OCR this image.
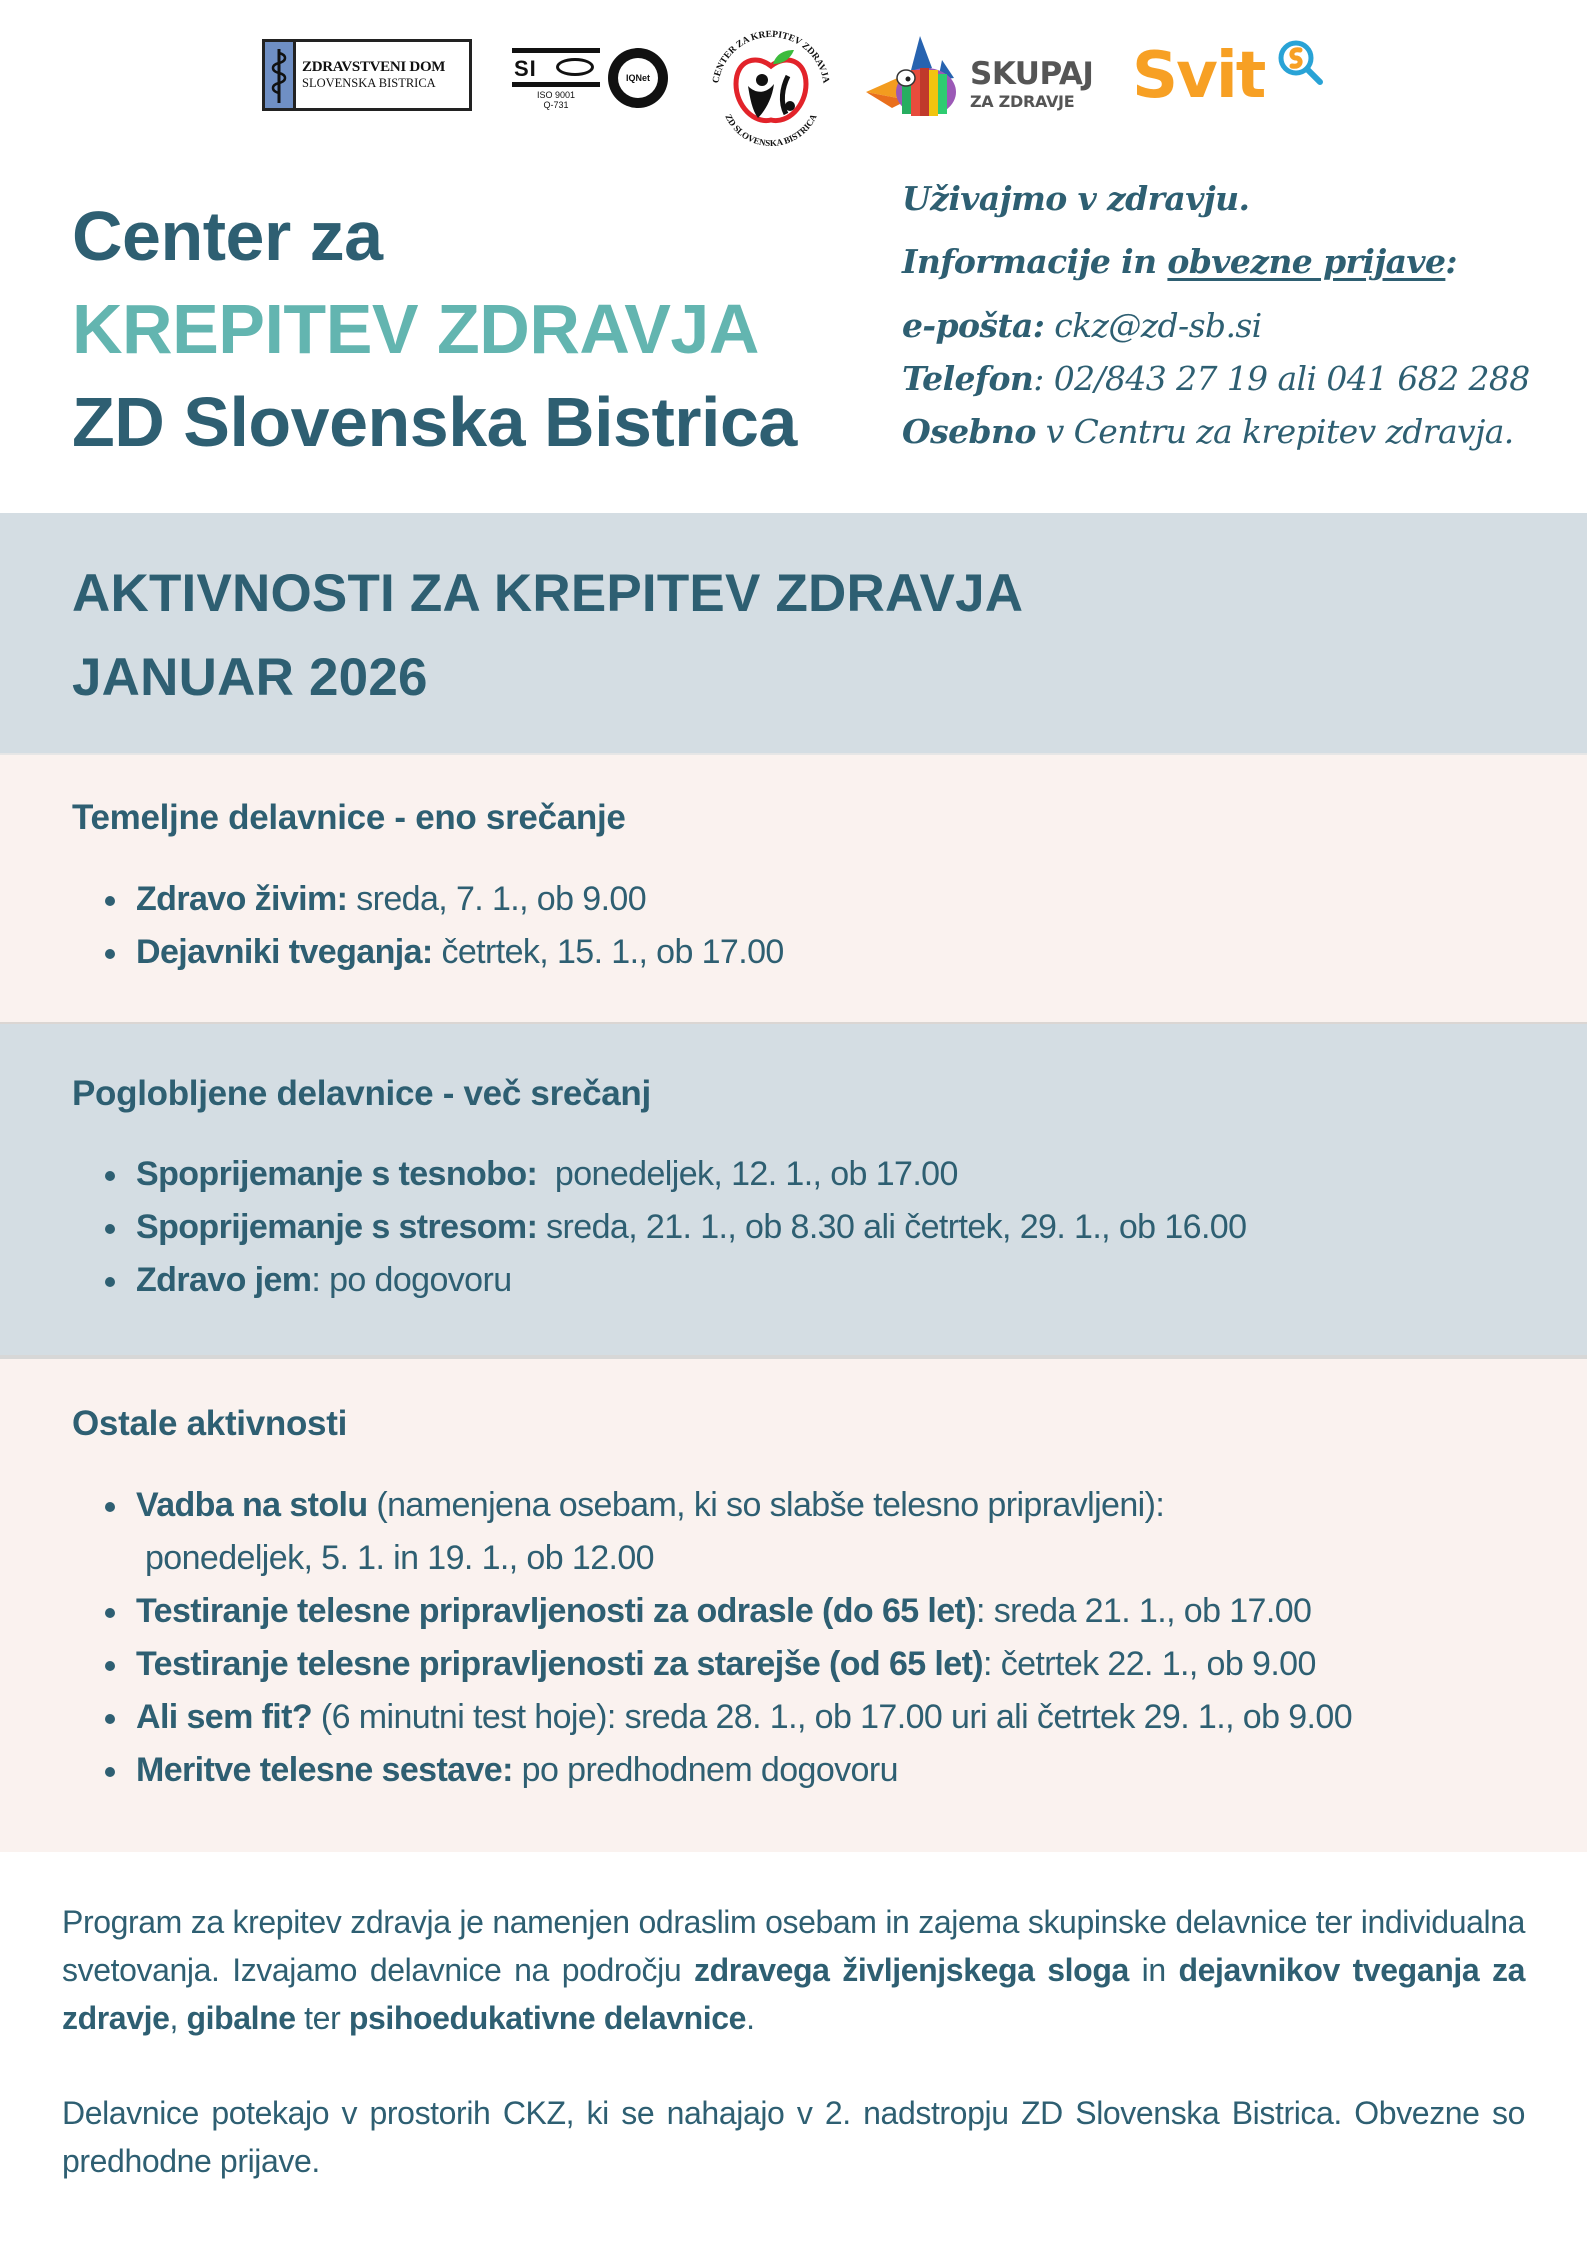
ZDRAVSTVENI DOM
SLOVENSKA BISTRICA
SI
ISO 9001
Q-731
IQNet	CENTER ZA KREPITEV ZDRAVJA
ZD SLOVENSKA BISTRICA
SKUPAJ
ZA ZDRAVJE Svit
Center za
KREPITEV ZDRAVJA
ZD Slovenska Bistrica
Uživajmo v zdravju.
Informacije in obvezne prijave:
e-pošta: ckz@zd-sb.si
Telefon: 02/843 27 19 ali 041 682 288
Osebno v Centru za krepitev zdravja.
AKTIVNOSTI ZA KREPITEV ZDRAVJA
JANUAR 2026
Temeljne delavnice - eno srečanje
Zdravo živim: sreda, 7. 1., ob 9.00
Dejavniki tveganja: četrtek, 15. 1., ob 17.00
Poglobljene delavnice - več srečanj
Spoprijemanje s tesnobo:  ponedeljek, 12. 1., ob 17.00
Spoprijemanje s stresom: sreda, 21. 1., ob 8.30 ali četrtek, 29. 1., ob 16.00
Zdravo jem: po dogovoru
Ostale aktivnosti
Vadba na stolu (namenjena osebam, ki so slabše telesno pripravljeni):
ponedeljek, 5. 1. in 19. 1., ob 12.00
Testiranje telesne pripravljenosti za odrasle (do 65 let): sreda 21. 1., ob 17.00
Testiranje telesne pripravljenosti za starejše (od 65 let): četrtek 22. 1., ob 9.00
Ali sem fit? (6 minutni test hoje): sreda 28. 1., ob 17.00 uri ali četrtek 29. 1., ob 9.00
Meritve telesne sestave: po predhodnem dogovoru
Program za krepitev zdravja je namenjen odraslim osebam in zajema skupinske delavnice ter individualna svetovanja. Izvajamo delavnice na področju zdravega življenjskega sloga in dejavnikov tveganja za zdravje, gibalne ter psihoedukativne delavnice.
Delavnice potekajo v prostorih CKZ, ki se nahajajo v 2. nadstropju ZD Slovenska Bistrica. Obvezne so predhodne prijave.
